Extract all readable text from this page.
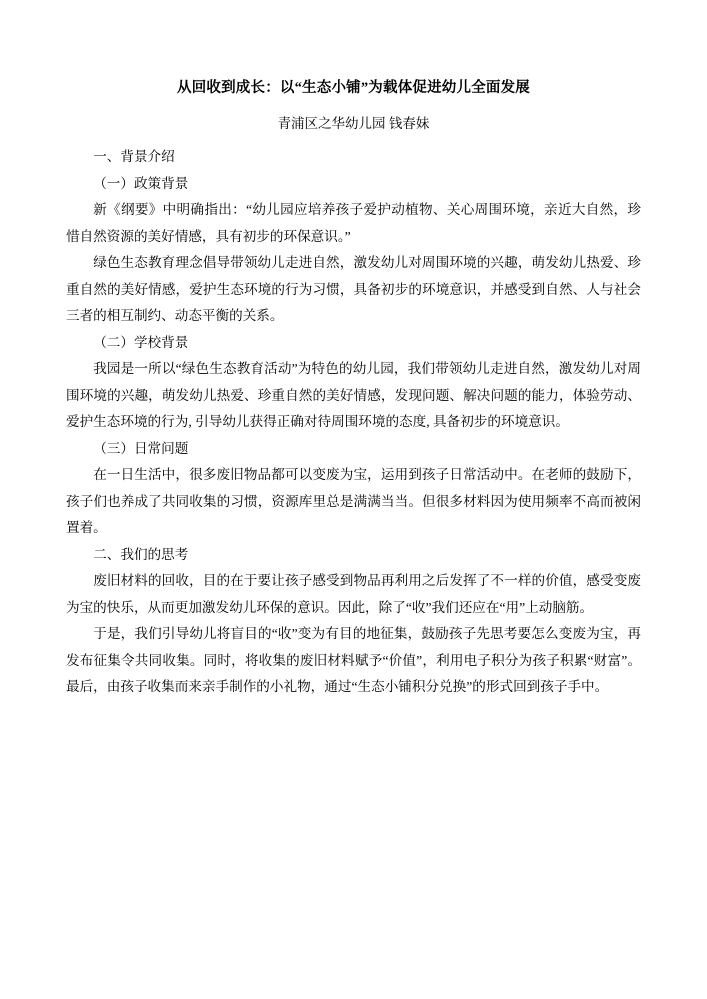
从回收到成长：以“生态小铺”为载体促进幼儿全面发展
青浦区之华幼儿园 钱春妹

一、背景介绍

（一）政策背景

新《纲要》中明确指出：“幼儿园应培养孩子爱护动植物、关心周围环境，亲近大自然，珍惜自然资源的美好情感，具有初步的环保意识。”

绿色生态教育理念倡导带领幼儿走进自然，激发幼儿对周围环境的兴趣，萌发幼儿热爱、珍重自然的美好情感，爱护生态环境的行为习惯，具备初步的环境意识，并感受到自然、人与社会三者的相互制约、动态平衡的关系。

（二）学校背景

我园是一所以“绿色生态教育活动”为特色的幼儿园，我们带领幼儿走进自然，激发幼儿对周围环境的兴趣，萌发幼儿热爱、珍重自然的美好情感，发现问题、解决问题的能力，体验劳动、爱护生态环境的行为, 引导幼儿获得正确对待周围环境的态度, 具备初步的环境意识。

（三）日常问题

在一日生活中，很多废旧物品都可以变废为宝，运用到孩子日常活动中。在老师的鼓励下，孩子们也养成了共同收集的习惯，资源库里总是满满当当。但很多材料因为使用频率不高而被闲置着。

二、我们的思考

废旧材料的回收，目的在于要让孩子感受到物品再利用之后发挥了不一样的价值，感受变废为宝的快乐，从而更加激发幼儿环保的意识。因此，除了“收”我们还应在“用”上动脑筋。

于是，我们引导幼儿将盲目的“收”变为有目的地征集，鼓励孩子先思考要怎么变废为宝，再发布征集令共同收集。同时，将收集的废旧材料赋予“价值”，利用电子积分为孩子积累“财富”。最后，由孩子收集而来亲手制作的小礼物，通过“生态小铺积分兑换”的形式回到孩子手中。
